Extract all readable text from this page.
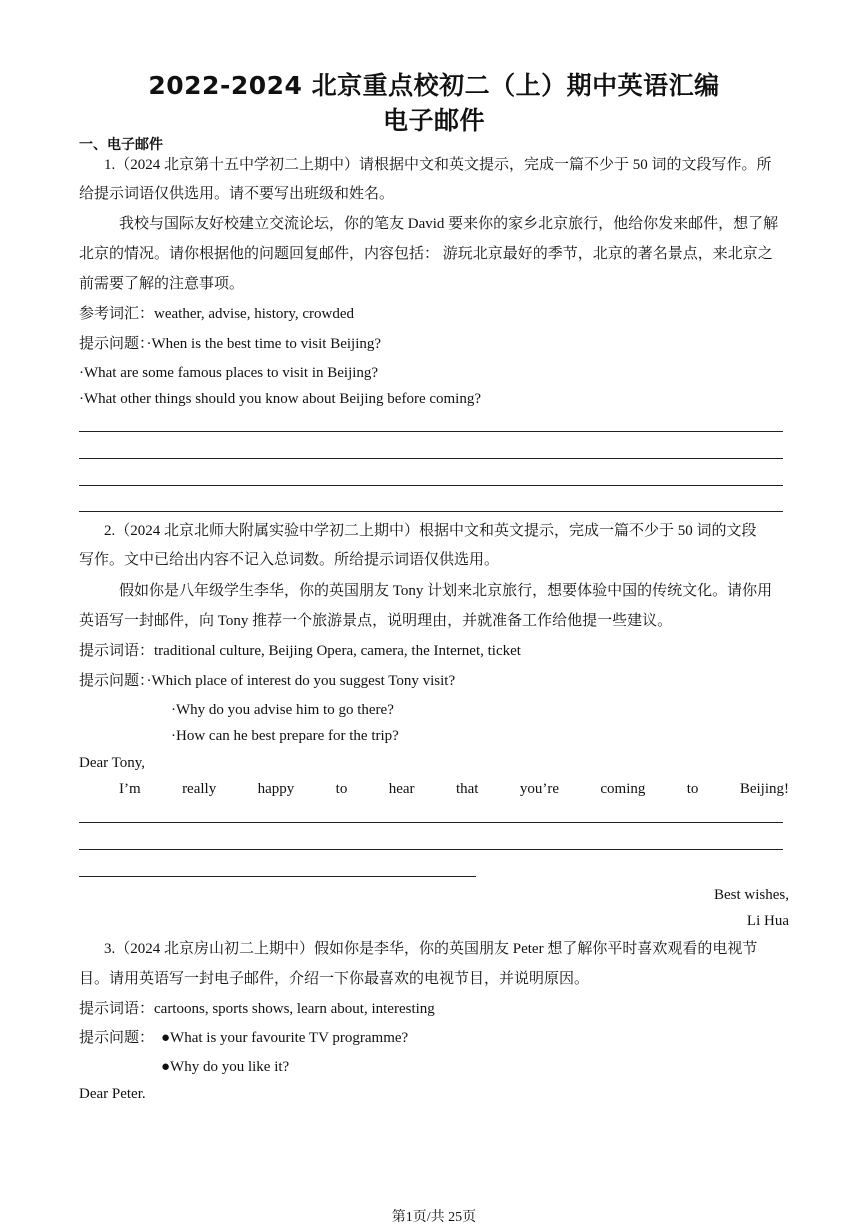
2022-2024 北京重点校初二（上）期中英语汇编
电子邮件
一、电子邮件
1.（2024 北京第十五中学初二上期中）请根据中文和英文提示，完成一篇不少于 50 词的文段写作。所
给提示词语仅供选用。请不要写出班级和姓名。
我校与国际友好校建立交流论坛，你的笔友 David 要来你的家乡北京旅行，他给你发来邮件，想了解
北京的情况。请你根据他的问题回复邮件，内容包括： 游玩北京最好的季节，北京的著名景点，来北京之
前需要了解的注意事项。
参考词汇：weather, advise, history, crowded
提示问题：·When is the best time to visit Beijing?
·What are some famous places to visit in Beijing?
·What other things should you know about Beijing before coming?
2.（2024 北京北师大附属实验中学初二上期中）根据中文和英文提示，完成一篇不少于 50 词的文段
写作。文中已给出内容不记入总词数。所给提示词语仅供选用。
假如你是八年级学生李华，你的英国朋友 Tony 计划来北京旅行，想要体验中国的传统文化。请你用
英语写一封邮件，向 Tony 推荐一个旅游景点，说明理由，并就准备工作给他提一些建议。
提示词语：traditional culture, Beijing Opera, camera, the Internet, ticket
提示问题：·Which place of interest do you suggest Tony visit?
·Why do you advise him to go there?
·How can he best prepare for the trip?
Dear Tony,
I’m	really	happy	to	hear	that	you’re	coming	to	Beijing!
Best wishes,
Li Hua
3.（2024 北京房山初二上期中）假如你是李华，你的英国朋友 Peter 想了解你平时喜欢观看的电视节
目。请用英语写一封电子邮件，介绍一下你最喜欢的电视节目，并说明原因。
提示词语：cartoons, sports shows, learn about, interesting
提示问题： ●What is your favourite TV programme?
●Why do you like it?
Dear Peter.
第1页/共 25页
